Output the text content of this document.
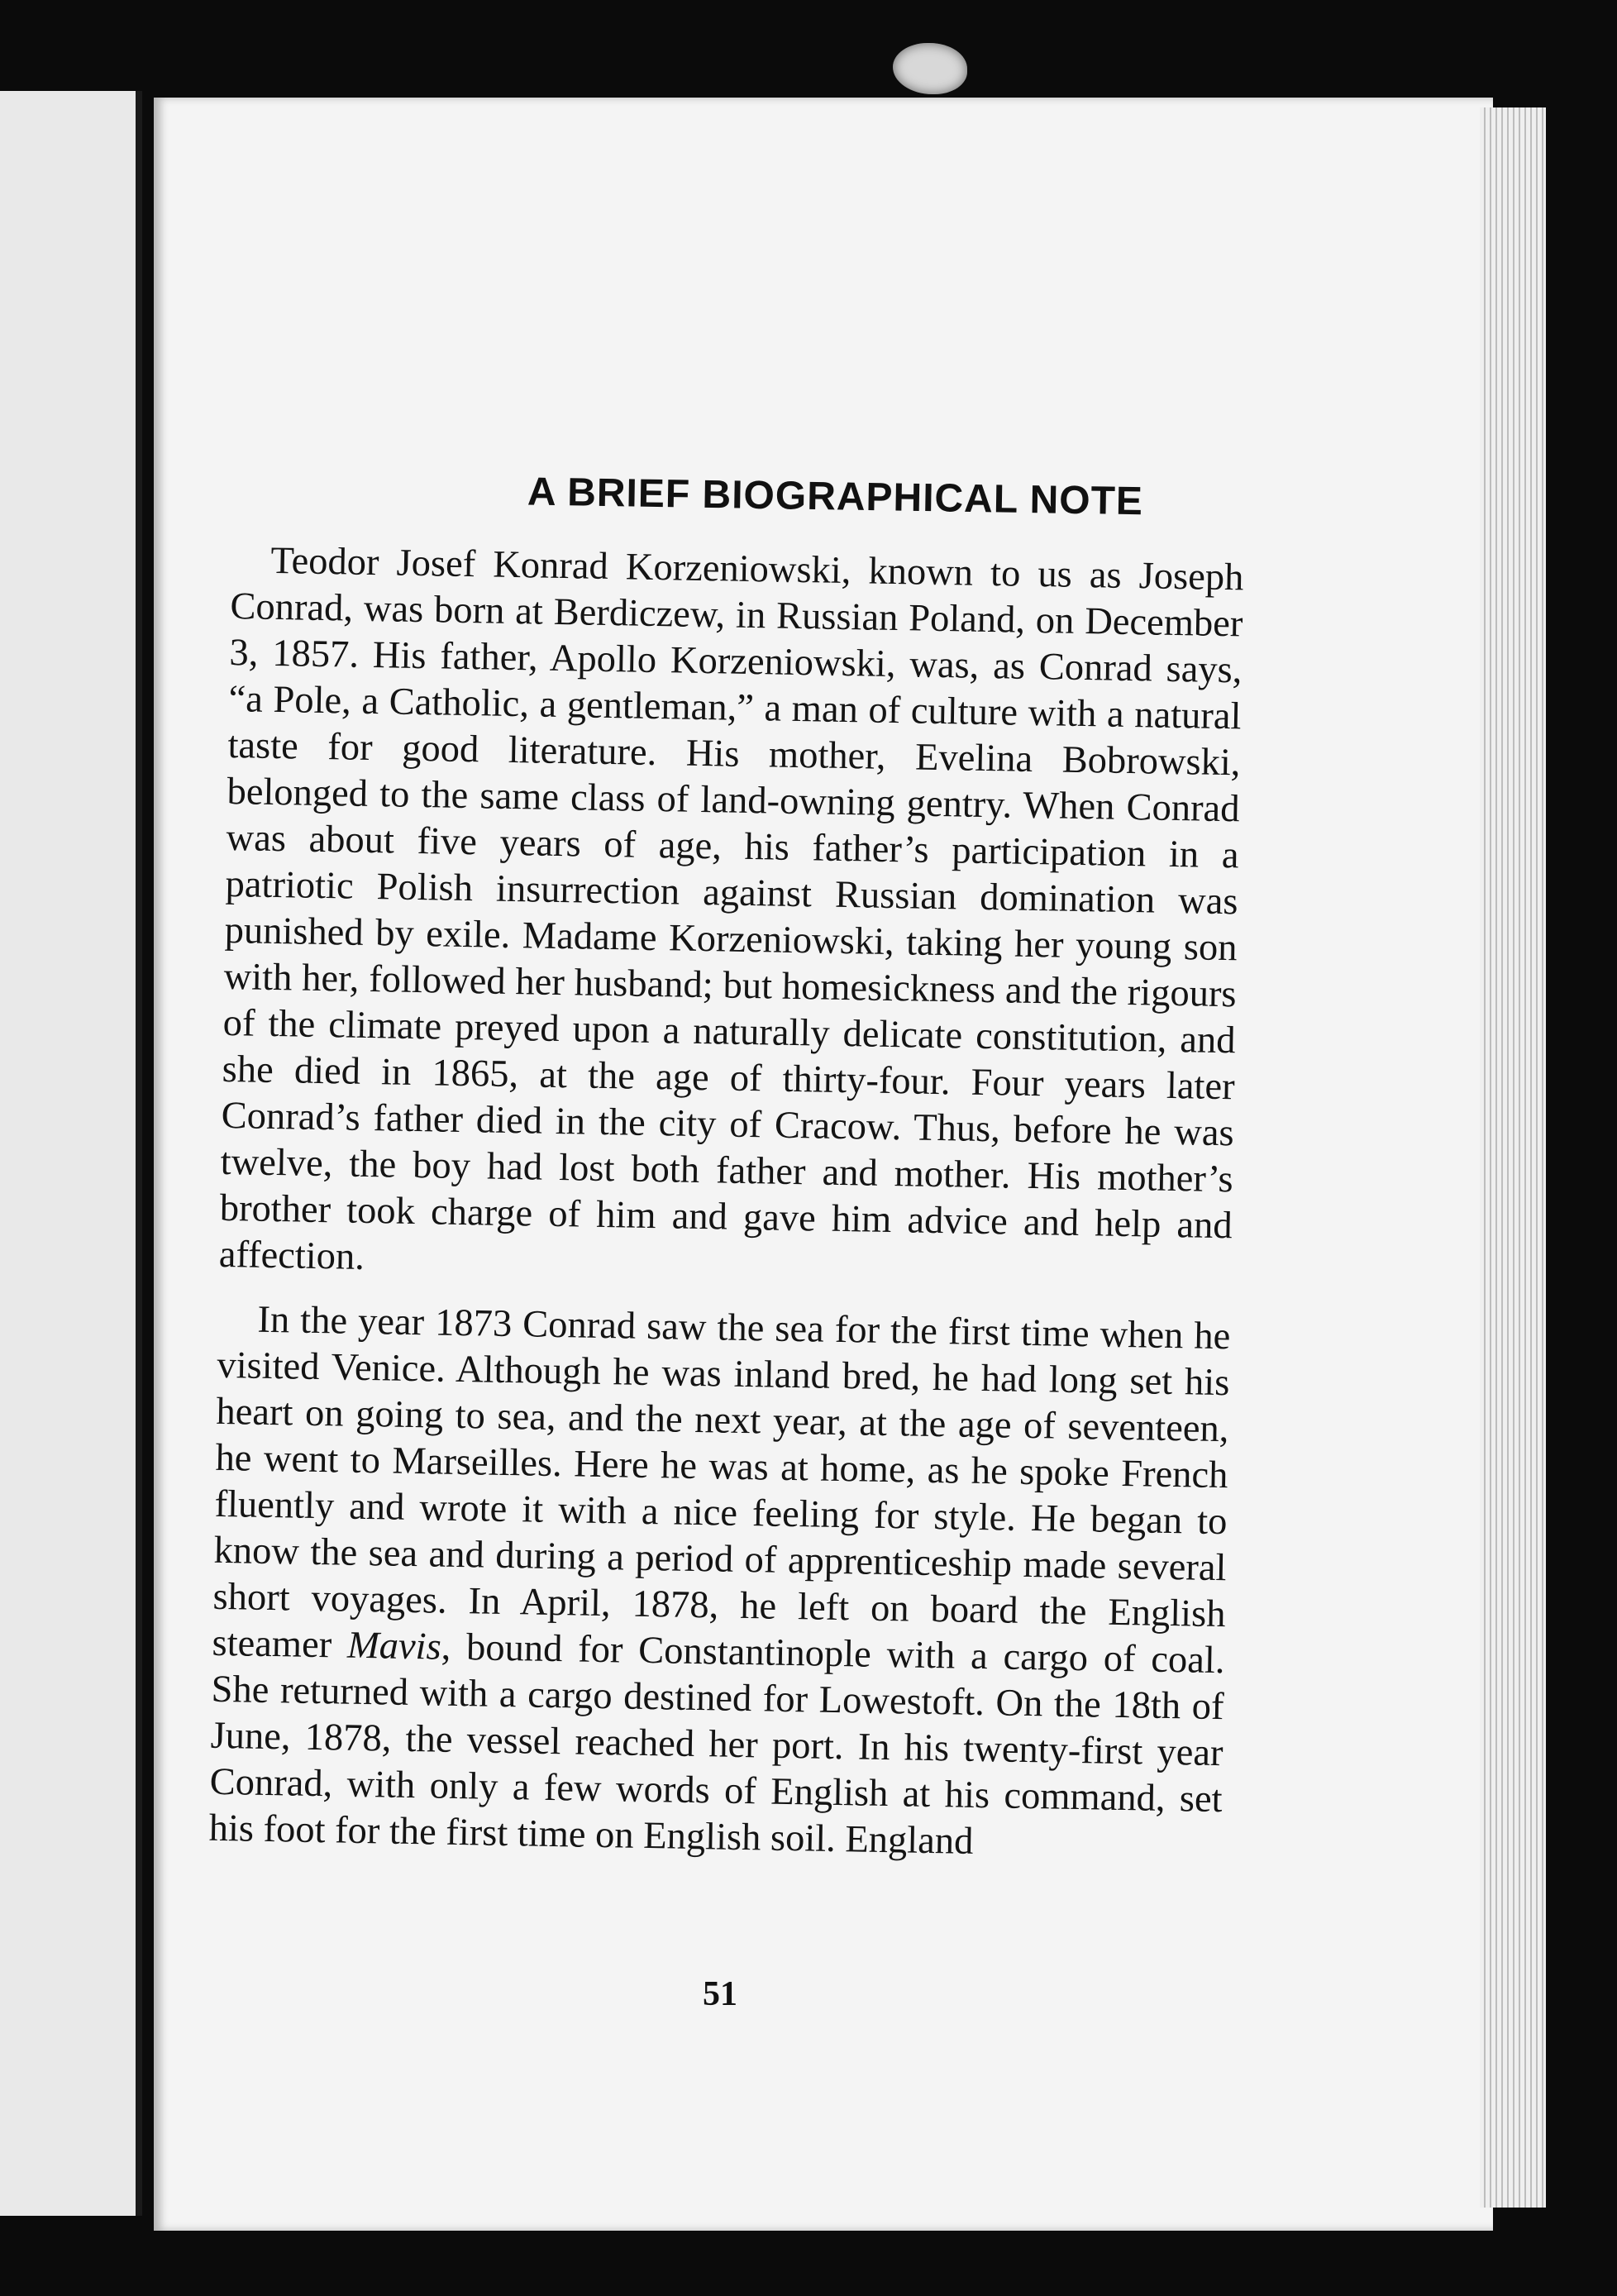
A BRIEF BIOGRAPHICAL NOTE

Teodor Josef Konrad Korzeniowski, known to us as Joseph Conrad, was born at Berdiczew, in Russian Poland, on December 3, 1857. His father, Apollo Korzeniowski, was, as Conrad says, “a Pole, a Catholic, a gentleman,” a man of culture with a natural taste for good literature. His mother, Evelina Bobrowski, belonged to the same class of land-owning gentry. When Conrad was about five years of age, his father’s participation in a patriotic Polish insurrection against Russian domination was punished by exile. Madame Korzeniowski, taking her young son with her, followed her husband; but homesickness and the rigours of the climate preyed upon a naturally delicate constitution, and she died in 1865, at the age of thirty-four. Four years later Conrad’s father died in the city of Cracow. Thus, before he was twelve, the boy had lost both father and mother. His mother’s brother took charge of him and gave him advice and help and affection.

In the year 1873 Conrad saw the sea for the first time when he visited Venice. Although he was inland bred, he had long set his heart on going to sea, and the next year, at the age of seventeen, he went to Marseilles. Here he was at home, as he spoke French fluently and wrote it with a nice feeling for style. He began to know the sea and during a period of apprenticeship made several short voyages. In April, 1878, he left on board the English steamer Mavis, bound for Constantinople with a cargo of coal. She returned with a cargo destined for Lowestoft. On the 18th of June, 1878, the vessel reached her port. In his twenty-first year Conrad, with only a few words of English at his command, set his foot for the first time on English soil. England

51
